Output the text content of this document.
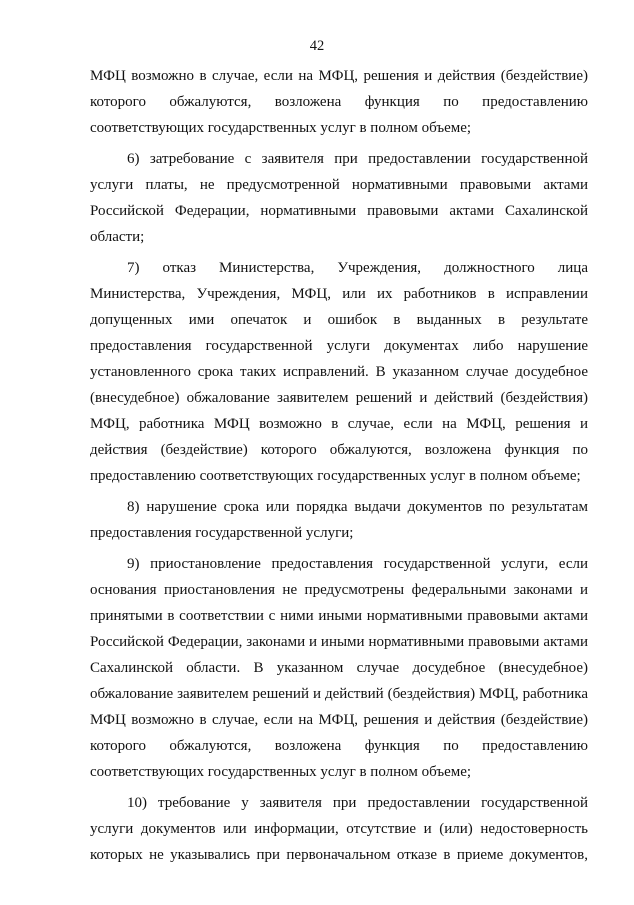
42

МФЦ возможно в случае, если на МФЦ, решения и действия (бездействие) которого обжалуются, возложена функция по предоставлению соответствующих государственных услуг в полном объеме;

6) затребование с заявителя при предоставлении государственной услуги платы, не предусмотренной нормативными правовыми актами Российской Федерации, нормативными правовыми актами Сахалинской области;

7) отказ Министерства, Учреждения, должностного лица Министерства, Учреждения, МФЦ, или их работников в исправлении допущенных ими опечаток и ошибок в выданных в результате предоставления государственной услуги документах либо нарушение установленного срока таких исправлений. В указанном случае досудебное (внесудебное) обжалование заявителем решений и действий (бездействия) МФЦ, работника МФЦ возможно в случае, если на МФЦ, решения и действия (бездействие) которого обжалуются, возложена функция по предоставлению соответствующих государственных услуг в полном объеме;

8) нарушение срока или порядка выдачи документов по результатам предоставления государственной услуги;

9) приостановление предоставления государственной услуги, если основания приостановления не предусмотрены федеральными законами и принятыми в соответствии с ними иными нормативными правовыми актами Российской Федерации, законами и иными нормативными правовыми актами Сахалинской области. В указанном случае досудебное (внесудебное) обжалование заявителем решений и действий (бездействия) МФЦ, работника МФЦ возможно в случае, если на МФЦ, решения и действия (бездействие) которого обжалуются, возложена функция по предоставлению соответствующих государственных услуг в полном объеме;

10) требование у заявителя при предоставлении государственной услуги документов или информации, отсутствие и (или) недостоверность которых не указывались при первоначальном отказе в приеме документов,
